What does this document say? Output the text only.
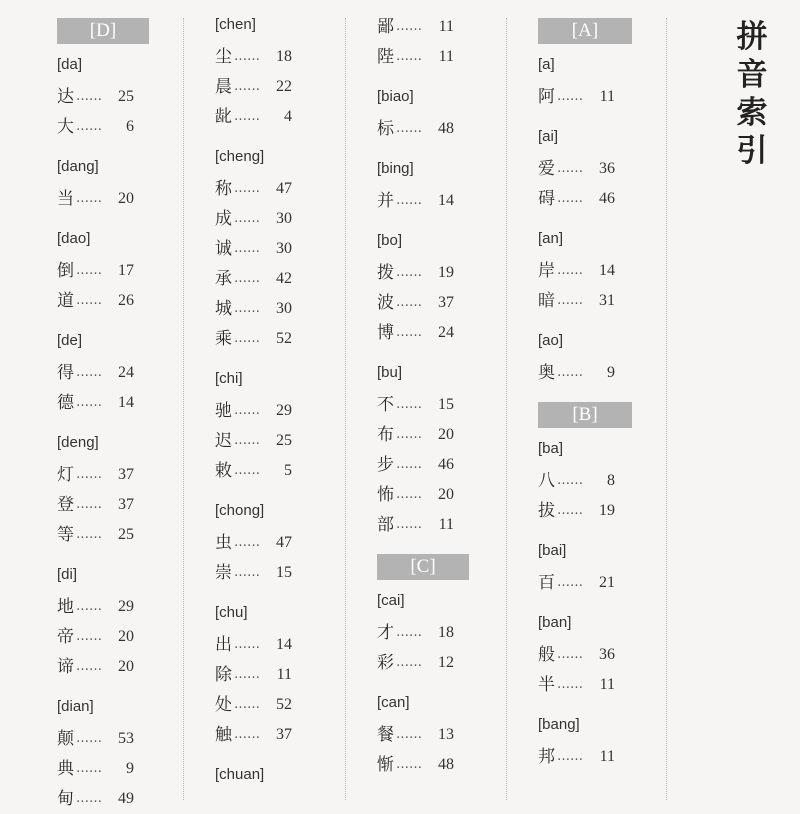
[D]
[da]
达 ……	25
大 ……	6
[dang]
当 ……	20
[dao]
倒 ……	17
道 ……	26
[de]
得 ……	24
德 ……	14
[deng]
灯 ……	37
登 ……	37
等 ……	25
[di]
地 ……	29
帝 ……	20
谛 ……	20
[dian]
颠 ……	53
典 ……	9
甸 ……	49
[chen]
尘 ……	18
晨 ……	22
龀 ……	4
[cheng]
称 ……	47
成 ……	30
诚 ……	30
承 ……	42
城 ……	30
乘 ……	52
[chi]
驰 ……	29
迟 ……	25
敕 ……	5
[chong]
虫 ……	47
崇 ……	15
[chu]
出 ……	14
除 ……	11
处 ……	52
触 ……	37
[chuan]
鄙 ……	11
陛 ……	11
[biao]
标 ……	48
[bing]
并 ……	14
[bo]
拨 ……	19
波 ……	37
博 ……	24
[bu]
不 ……	15
布 ……	20
步 ……	46
怖 ……	20
部 ……	11
[C]
[cai]
才 ……	18
彩 ……	12
[can]
餐 ……	13
惭 ……	48
[A]
[a]
阿 ……	11
[ai]
爱 ……	36
碍 ……	46
[an]
岸 ……	14
暗 ……	31
[ao]
奥 ……	9
[B]
[ba]
八 ……	8
拔 ……	19
[bai]
百 ……	21
[ban]
般 ……	36
半 ……	11
[bang]
邦 ……	11
拼
音
索
引
